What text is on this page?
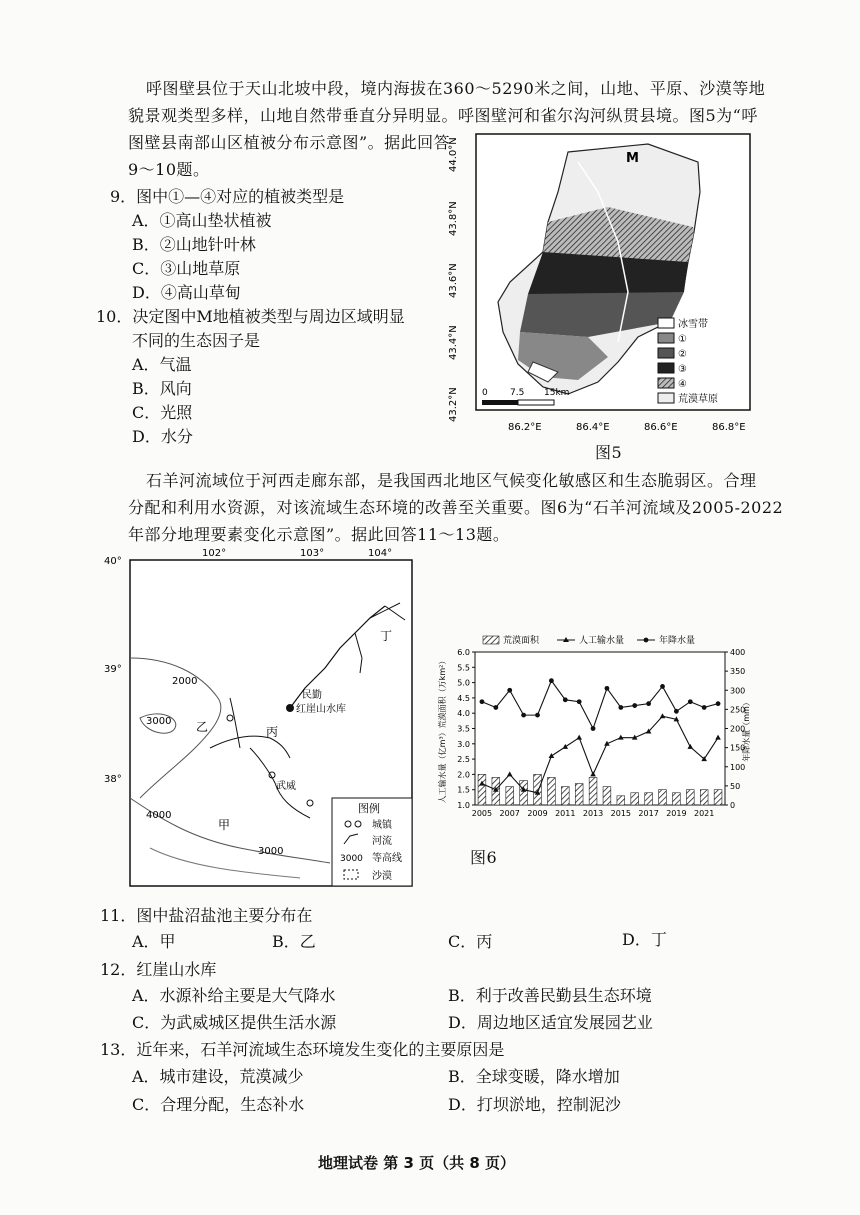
呼图壁县位于天山北坡中段，境内海拔在360～5290米之间，山地、平原、沙漠等地
貌景观类型多样，山地自然带垂直分异明显。呼图壁河和雀尔沟河纵贯县境。图5为“呼
图壁县南部山区植被分布示意图”。据此回答
9～10题。
9．图中①—④对应的植被类型是
A．①高山垫状植被
B．②山地针叶林
C．③山地草原
D．④高山草甸
10．决定图中M地植被类型与周边区域明显
不同的生态因子是
A．气温
B．风向
C．光照
D．水分
M
44.0°N
43.8°N
43.6°N
43.4°N
43.2°N
86.2°E	86.4°E	86.6°E	86.8°E
0 7.5 15km
冰雪带
①
②
③
④
荒漠草原
图5
石羊河流域位于河西走廊东部，是我国西北地区气候变化敏感区和生态脆弱区。合理
分配和利用水资源，对该流域生态环境的改善至关重要。图6为“石羊河流域及2005-2022
年部分地理要素变化示意图”。据此回答11～13题。
102°	103°	104°
40°
39°
38°
丁
民勤
红崖山水库
丙
乙
武威
甲
2000
3000
4000
3000
图例
城镇
河流
3000 等高线
沙漠
1.0
1.5
2.0
2.5
3.0
3.5
4.0
4.5
5.0
5.5
6.0
0
50
100
150
200
250
300
350
400
2005 2007 2009 2011 2013 2015 2017 2019 2021
人工输水量（亿m³）荒漠面积（万km²）	年降水量（mm）
荒漠面积	人工输水量	年降水量
图6
11．图中盐沼盐池主要分布在
A．甲	B．乙	C．丙	D．丁
12．红崖山水库
A．水源补给主要是大气降水	B．利于改善民勤县生态环境
C．为武威城区提供生活水源	D．周边地区适宜发展园艺业
13．近年来，石羊河流域生态环境发生变化的主要原因是
A．城市建设，荒漠减少	B．全球变暖，降水增加
C．合理分配，生态补水	D．打坝淤地，控制泥沙
地理试卷 第 3 页（共 8 页）
